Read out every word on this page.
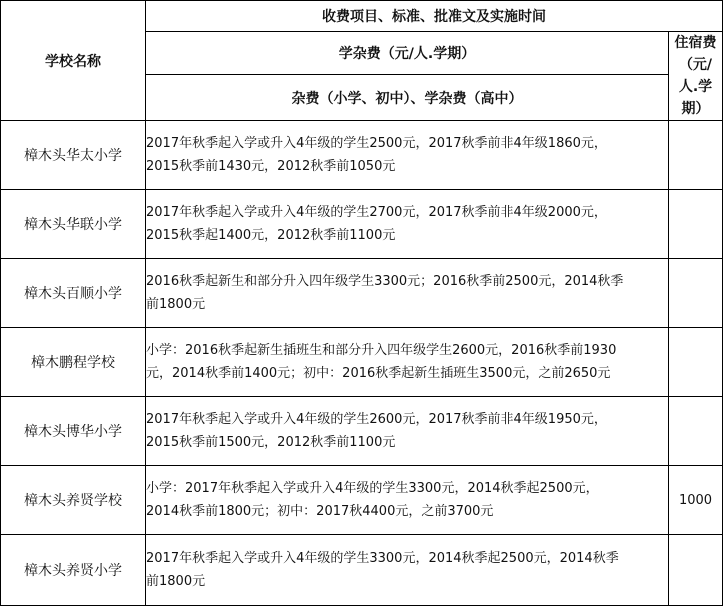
学校名称	收费项目、标准、批准文及实施时间	
	学杂费（元/人.学期）	住宿费
（元/
人.学
期）

	杂费（小学、初中）、学杂费（高中）	
樟木头华太小学	2017年秋季起入学或升入4年级的学生2500元，2017秋季前非4年级1860元，
2015秋季前1430元，2012秋季前1050元	

樟木头华联小学	2017年秋季起入学或升入4年级的学生2700元，2017秋季前非4年级2000元，
2015秋季起1400元，2012秋季前1100元	

樟木头百顺小学	2016秋季起新生和部分升入四年级学生3300元；2016秋季前2500元，2014秋季
前1800元	

樟木鹏程学校	小学：2016秋季起新生插班生和部分升入四年级学生2600元，2016秋季前1930
元，2014秋季前1400元；初中：2016秋季起新生插班生3500元，之前2650元	

樟木头博华小学	2017年秋季起入学或升入4年级的学生2600元，2017秋季前非4年级1950元，
2015秋季前1500元，2012秋季前1100元	

樟木头养贤学校	小学：2017年秋季起入学或升入4年级的学生3300元，2014秋季起2500元，
2014秋季前1800元；初中：2017秋4400元，之前3700元	1000
樟木头养贤小学	2017年秋季起入学或升入4年级的学生3300元，2014秋季起2500元，2014秋季
前1800元	
